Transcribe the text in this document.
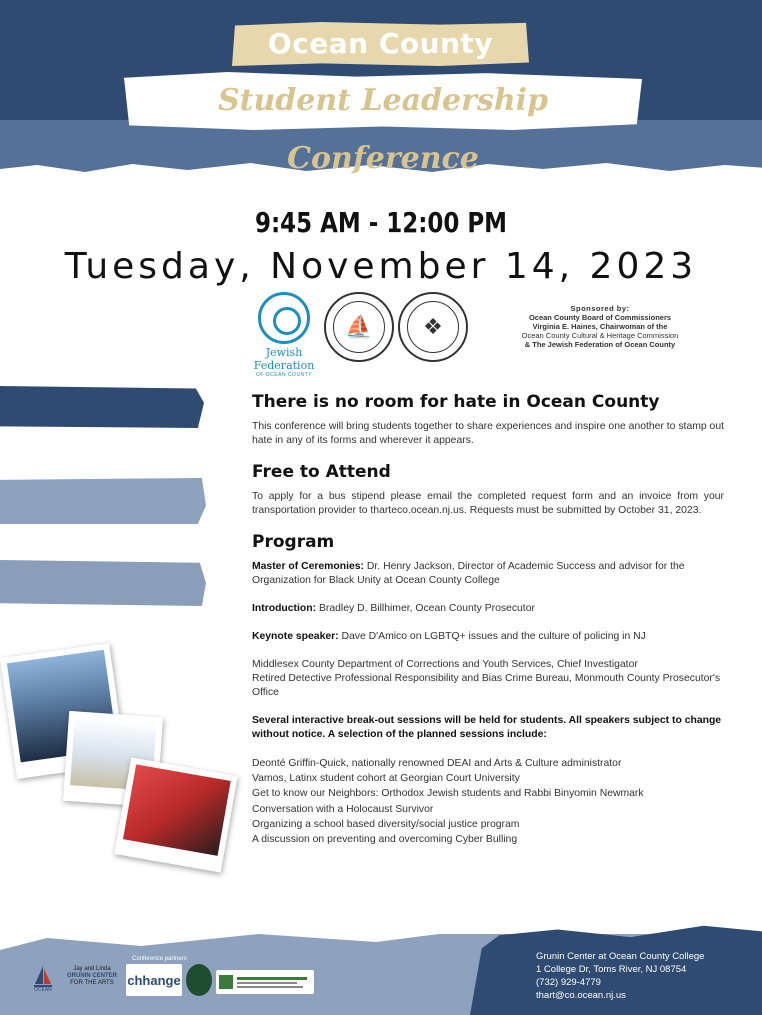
Ocean County
Student Leadership Conference
9:45 AM - 12:00 PM
Tuesday, November 14, 2023
Jewish Federation
OF OCEAN COUNTY
⛵	❖
Sponsored by:
Ocean County Board of Commissioners
Virginia E. Haines, Chairwoman of the
Ocean County Cultural & Heritage Commission
& The Jewish Federation of Ocean County
There is no room for hate in Ocean County
This conference will bring students together to share experiences and inspire one another to stamp out hate in any of its forms and wherever it appears.
Free to Attend
To apply for a bus stipend please email the completed request form and an invoice from your transportation provider to tharteco.ocean.nj.us. Requests must be submitted by October 31, 2023.
Program
Master of Ceremonies: Dr. Henry Jackson, Director of Academic Success and advisor for the Organization for Black Unity at Ocean County College
Introduction: Bradley D. Billhimer, Ocean County Prosecutor
Keynote speaker: Dave D'Amico on LGBTQ+ issues and the culture of policing in NJ
Middlesex County Department of Corrections and Youth Services, Chief Investigator
Retired Detective Professional Responsibility and Bias Crime Bureau, Monmouth County Prosecutor's Office
Several interactive break-out sessions will be held for students. All speakers subject to change without notice. A selection of the planned sessions include:
Deonté Griffin-Quick, nationally renowned DEAI and Arts & Culture administrator
Vamos, Latinx student cohort at Georgian Court University
Get to know our Neighbors: Orthodox Jewish students and Rabbi Binyomin Newmark
Conversation with a Holocaust Survivor
Organizing a school based diversity/social justice program
A discussion on preventing and overcoming Cyber Bulling
OCEAN
Jay and Linda
GRUNIN CENTER
FOR THE ARTS
Conference partners
chhange
Grunin Center at Ocean County College
1 College Dr, Toms River, NJ 08754
(732) 929-4779
thart@co.ocean.nj.us
